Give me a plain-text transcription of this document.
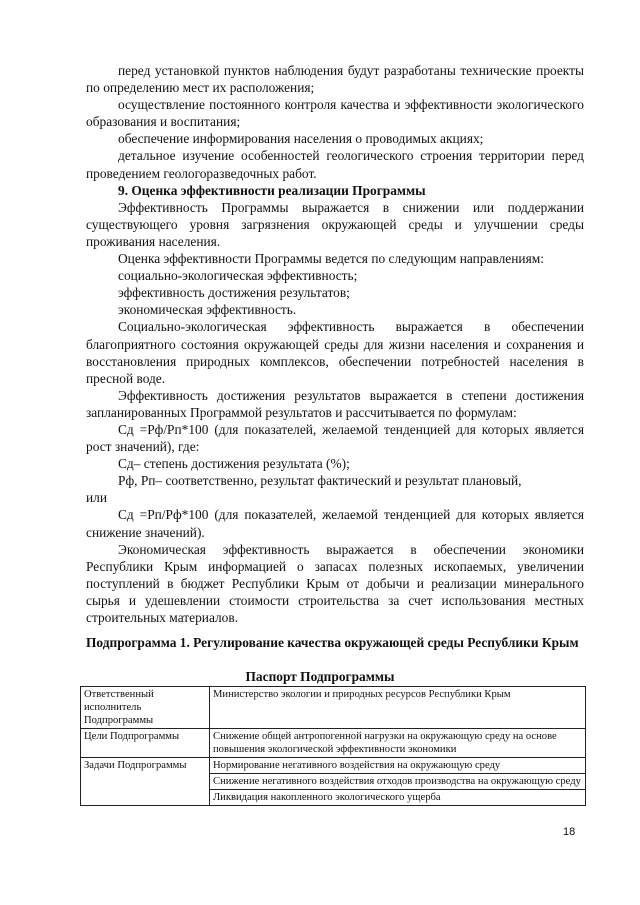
перед установкой пунктов наблюдения будут разработаны технические проекты по определению мест их расположения;

осуществление постоянного контроля качества и эффективности экологического образования и воспитания;

обеспечение информирования населения о проводимых акциях;

детальное изучение особенностей геологического строения территории перед проведением геологоразведочных работ.

9. Оценка эффективности реализации Программы

Эффективность Программы выражается в снижении или поддержании существующего уровня загрязнения окружающей среды и улучшении среды проживания населения.

Оценка эффективности Программы ведется по следующим направлениям:

социально-экологическая эффективность;

эффективность достижения результатов;

экономическая эффективность.

Социально-экологическая эффективность выражается в обеспечении благоприятного состояния окружающей среды для жизни населения и сохранения и восстановления природных комплексов, обеспечении потребностей населения в пресной воде.

Эффективность достижения результатов выражается в степени достижения запланированных Программой результатов и рассчитывается по формулам:

Сд =Рф/Рп*100 (для показателей, желаемой тенденцией для которых является рост значений), где:

Сд– степень достижения результата (%);

Рф, Рп– соответственно, результат фактический и результат плановый,

или

Сд =Рп/Рф*100 (для показателей, желаемой тенденцией для которых является снижение значений).

Экономическая эффективность выражается в обеспечении экономики Республики Крым информацией о запасах полезных ископаемых, увеличении поступлений в бюджет Республики Крым от добычи и реализации минерального сырья и удешевлении стоимости строительства за счет использования местных строительных материалов.

Подпрограмма 1. Регулирование качества окружающей среды Республики Крым
Паспорт Подпрограммы
Ответственный исполнитель Подпрограммы	Министерство экологии и природных ресурсов Республики Крым
Цели Подпрограммы	Снижение общей антропогенной нагрузки на окружающую среду на основе повышения экологической эффективности экономики
Задачи Подпрограммы	Нормирование негативного воздействия на окружающую среду
	Снижение негативного воздействия отходов производства на окружающую среду
	Ликвидация накопленного экологического ущерба
18
